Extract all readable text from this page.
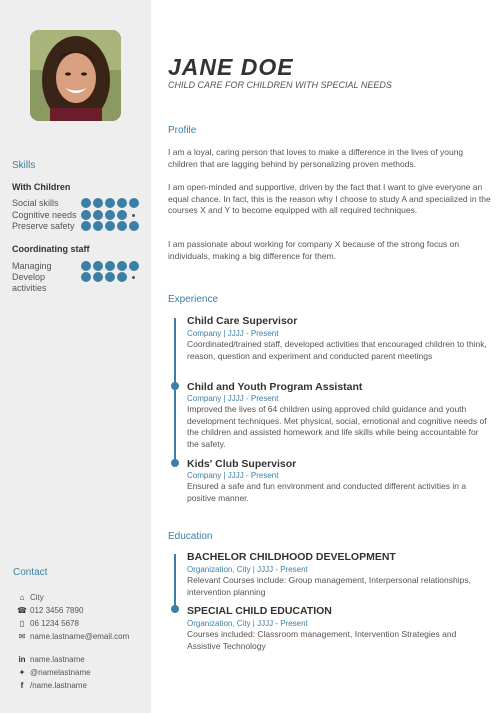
Skills
With Children
Social skills
Cognitive needs
Preserve safety
Coordinating staff
Managing
Develop
activities
Contact
⌂ City
☎ 012 3456 7890
▯ 06 1234 5678
✉ name.lastname@email.com
in name.lastname
✦ @namelastname
f /name.lastname
JANE DOE
CHILD CARE FOR CHILDREN WITH SPECIAL NEEDS
Profile
I am a loyal, caring person that loves to make a difference in the lives of young children that are lagging behind by personalizing proven methods.
I am open-minded and supportive, driven by the fact that I want to give everyone an equal chance. In fact, this is the reason why I choose to study A and specialized in the courses X and Y to become equipped with all required techniques.
I am passionate about working for company X because of the strong focus on individuals, making a big difference for them.
Experience
Child Care Supervisor
Company | JJJJ - Present
Coordinated/trained staff, developed activities that encouraged children to think, reason, question and experiment and conducted parent meetings
Child and Youth Program Assistant
Company | JJJJ - Present
Improved the lives of 64 children using approved child guidance and youth development techniques. Met physical, social, emotional and cognitive needs of the children and assisted homework and life skills while being accountable for the safety.
Kids' Club Supervisor
Company | JJJJ - Present
Ensured a safe and fun environment and conducted different activities in a positive manner.
Education
BACHELOR CHILDHOOD DEVELOPMENT
Organization, City | JJJJ - Present
Relevant Courses include: Group management, Interpersonal relationships, intervention planning
SPECIAL CHILD EDUCATION
Organization, City | JJJJ - Present
Courses included: Classroom management, Intervention Strategies and Assistive Technology
